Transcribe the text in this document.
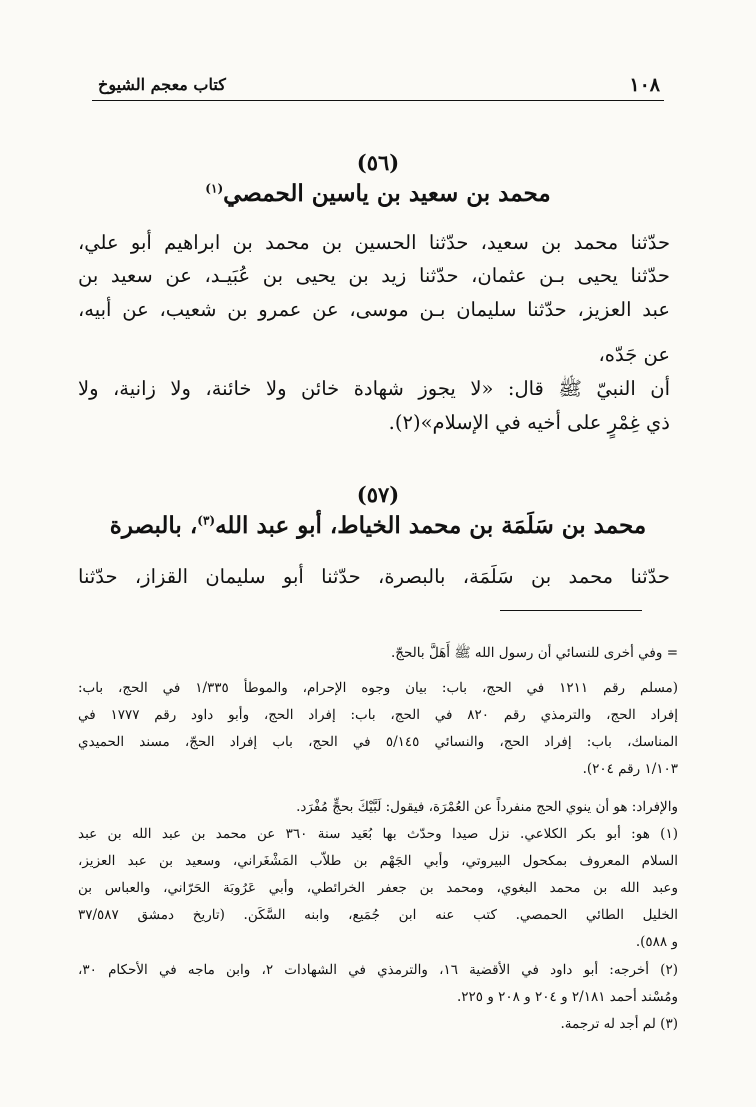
١٠٨
كتاب معجم الشيوخ
(٥٦)
محمد بن سعيد بن ياسين الحمصي$^{(١)}$
حدّثنا محمد بن سعيد، حدّثنا الحسين بن محمد بن ابراهيم أبو علي،
حدّثنا يحيى بـن عثمان، حدّثنا زيد بن يحيى بن عُبَيـد، عن سعيد بن
عبد العزيز، حدّثنا سليمان بـن موسى، عن عمرو بن شعيب، عن أبيه،
عن جَدّه،
أن النبيّ ﷺ قال: «لا يجوز شهادة خائن ولا خائنة، ولا زانية، ولا
ذي غِمْرٍ على أخيه في الإسلام»(٢).
(٥٧)
محمد بن سَلَمَة بن محمد الخياط، أبو عبد الله$^{(٣)}$، بالبصرة
حدّثنا محمد بن سَلَمَة، بالبصرة، حدّثنا أبو سليمان القزاز، حدّثنا
= وفي أخرى للنسائي أن رسول الله ﷺ أَهَلَّ بالحجّ.
(مسلم رقم ١٢١١ في الحج، باب: بيان وجوه الإحرام، والموطأ ١/٣٣٥ في الحج، باب:
إفراد الحج، والترمذي رقم ٨٢٠ في الحج، باب: إفراد الحج، وأبو داود رقم ١٧٧٧ في
المناسك، باب: إفراد الحج، والنسائي ٥/١٤٥ في الحج، باب إفراد الحجّ، مسند الحميدي
١/١٠٣ رقم ٢٠٤).
والإفراد: هو أن ينوي الحج منفرداً عن العُمْرَة، فيقول: لَبَّيْكَ بحجٍّ مُفْرَد.
(١) هو: أبو بكر الكلاعي. نزل صيدا وحدّث بها بُعَيد سنة ٣٦٠ عن محمد بن عبد الله بن عبد
السلام المعروف بمكحول البيروتي، وأبي الجَهْم بن طلاّب المَشْغَراني، وسعيد بن عبد العزيز،
وعبد الله بن محمد البغوي، ومحمد بن جعفر الخرائطي، وأبي عَرُوبَة الحَرّاني، والعباس بن
الخليل الطائي الحمصي. كتب عنه ابن جُمَيع، وابنه السَّكَن. (تاريخ دمشق ٣٧/٥٨٧
و ٥٨٨).
(٢) أخرجه: أبو داود في الأقضية ١٦، والترمذي في الشهادات ٢، وابن ماجه في الأحكام ٣٠،
ومُسْند أحمد ٢/١٨١ و ٢٠٤ و ٢٠٨ و ٢٢٥.
(٣) لم أجد له ترجمة.
